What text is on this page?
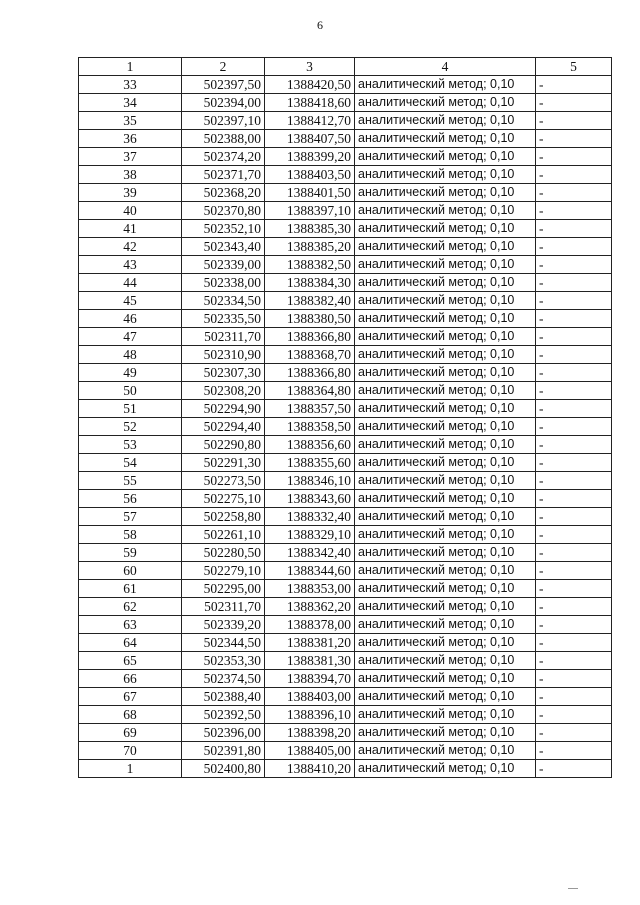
6
1	2	3	4	5
33	502397,50	1388420,50	аналитический метод; 0,10	-
34	502394,00	1388418,60	аналитический метод; 0,10	-
35	502397,10	1388412,70	аналитический метод; 0,10	-
36	502388,00	1388407,50	аналитический метод; 0,10	-
37	502374,20	1388399,20	аналитический метод; 0,10	-
38	502371,70	1388403,50	аналитический метод; 0,10	-
39	502368,20	1388401,50	аналитический метод; 0,10	-
40	502370,80	1388397,10	аналитический метод; 0,10	-
41	502352,10	1388385,30	аналитический метод; 0,10	-
42	502343,40	1388385,20	аналитический метод; 0,10	-
43	502339,00	1388382,50	аналитический метод; 0,10	-
44	502338,00	1388384,30	аналитический метод; 0,10	-
45	502334,50	1388382,40	аналитический метод; 0,10	-
46	502335,50	1388380,50	аналитический метод; 0,10	-
47	502311,70	1388366,80	аналитический метод; 0,10	-
48	502310,90	1388368,70	аналитический метод; 0,10	-
49	502307,30	1388366,80	аналитический метод; 0,10	-
50	502308,20	1388364,80	аналитический метод; 0,10	-
51	502294,90	1388357,50	аналитический метод; 0,10	-
52	502294,40	1388358,50	аналитический метод; 0,10	-
53	502290,80	1388356,60	аналитический метод; 0,10	-
54	502291,30	1388355,60	аналитический метод; 0,10	-
55	502273,50	1388346,10	аналитический метод; 0,10	-
56	502275,10	1388343,60	аналитический метод; 0,10	-
57	502258,80	1388332,40	аналитический метод; 0,10	-
58	502261,10	1388329,10	аналитический метод; 0,10	-
59	502280,50	1388342,40	аналитический метод; 0,10	-
60	502279,10	1388344,60	аналитический метод; 0,10	-
61	502295,00	1388353,00	аналитический метод; 0,10	-
62	502311,70	1388362,20	аналитический метод; 0,10	-
63	502339,20	1388378,00	аналитический метод; 0,10	-
64	502344,50	1388381,20	аналитический метод; 0,10	-
65	502353,30	1388381,30	аналитический метод; 0,10	-
66	502374,50	1388394,70	аналитический метод; 0,10	-
67	502388,40	1388403,00	аналитический метод; 0,10	-
68	502392,50	1388396,10	аналитический метод; 0,10	-
69	502396,00	1388398,20	аналитический метод; 0,10	-
70	502391,80	1388405,00	аналитический метод; 0,10	-
1	502400,80	1388410,20	аналитический метод; 0,10	-
